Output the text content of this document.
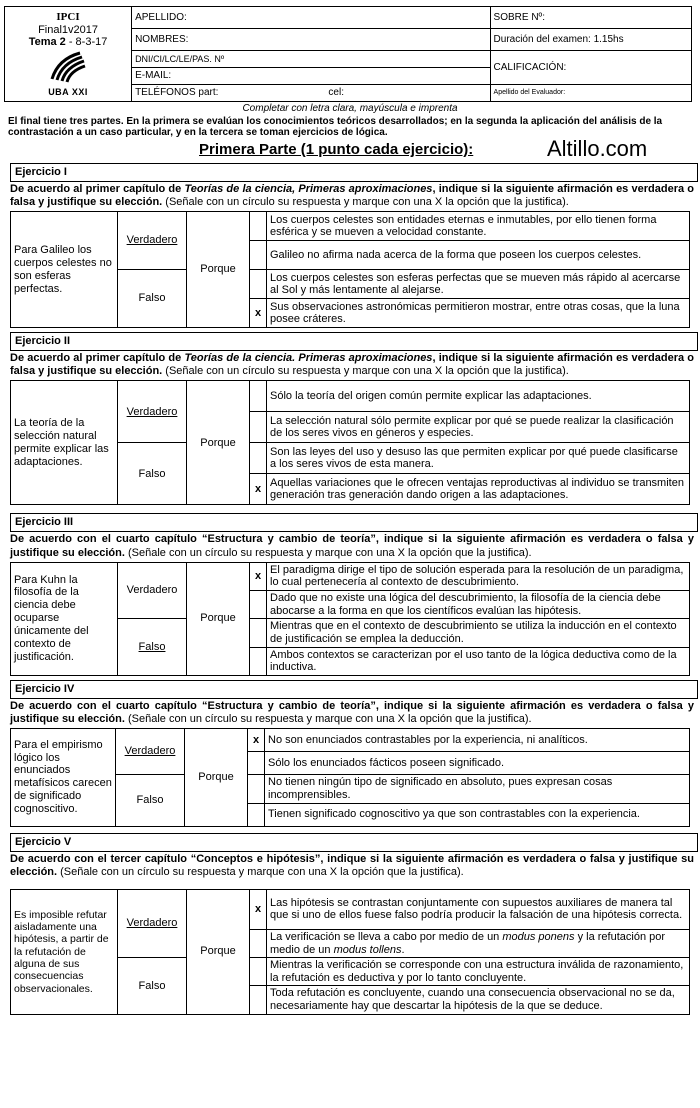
IPCI
Final1v2017
Tema 2 - 8-3-17
UBA XXI	APELLIDO:	SOBRE Nº:
	NOMBRES:	Duración del examen: 1.15hs
	DNI/CI/LC/LE/PAS. Nº	CALIFICACIÓN:
	E-MAIL:	
	TELÉFONOS part: cel:	Apellido del Evaluador:
Completar con letra clara, mayúscula e imprenta
El final tiene tres partes. En la primera se evalúan los conocimientos teóricos desarrollados; en la segunda la aplicación del análisis de la contrastación a un caso particular, y en la tercera se toman ejercicios de lógica.
Primera Parte (1 punto cada ejercicio):	Altillo.com
Ejercicio I
De acuerdo al primer capítulo de Teorías de la ciencia, Primeras aproximaciones, indique si la siguiente afirmación es verdadera o falsa y justifique su elección. (Señale con un círculo su respuesta y marque con una X la opción que la justifica).
Para Galileo los cuerpos celestes no son esferas perfectas.	Verdadero	Porque		Los cuerpos celestes son entidades eternas e inmutables, por ello tienen forma esférica y se mueven a velocidad constante.
				Galileo no afirma nada acerca de la forma que poseen los cuerpos celestes.
	Falso			Los cuerpos celestes son esferas perfectas que se mueven más rápido al acercarse al Sol y más lentamente al alejarse.
			x	Sus observaciones astronómicas permitieron mostrar, entre otras cosas, que la luna posee cráteres.
Ejercicio II
De acuerdo al primer capítulo de Teorías de la ciencia. Primeras aproximaciones, indique si la siguiente afirmación es verdadera o falsa y justifique su elección. (Señale con un círculo su respuesta y marque con una X la opción que la justifica).
La teoría de la selección natural permite explicar las adaptaciones.	Verdadero	Porque		Sólo la teoría del origen común permite explicar las adaptaciones.
				La selección natural sólo permite explicar por qué se puede realizar la clasificación de los seres vivos en géneros y especies.
	Falso			Son las leyes del uso y desuso las que permiten explicar por qué puede clasificarse a los seres vivos de esta manera.
			x	Aquellas variaciones que le ofrecen ventajas reproductivas al individuo se transmiten generación tras generación dando origen a las adaptaciones.
Ejercicio III
De acuerdo con el cuarto capítulo “Estructura y cambio de teoría”, indique si la siguiente afirmación es verdadera o falsa y justifique su elección. (Señale con un círculo su respuesta y marque con una X la opción que la justifica).
Para Kuhn la filosofía de la ciencia debe ocuparse únicamente del contexto de justificación.	Verdadero	Porque	x	El paradigma dirige el tipo de solución esperada para la resolución de un paradigma, lo cual pertenecería al contexto de descubrimiento.
				Dado que no existe una lógica del descubrimiento, la filosofía de la ciencia debe abocarse a la forma en que los científicos evalúan las hipótesis.
	Falso			Mientras que en el contexto de descubrimiento se utiliza la inducción en el contexto de justificación se emplea la deducción.
				Ambos contextos se caracterizan por el uso tanto de la lógica deductiva como de la inductiva.
Ejercicio IV
De acuerdo con el cuarto capítulo “Estructura y cambio de teoría”, indique si la siguiente afirmación es verdadera o falsa y justifique su elección. (Señale con un círculo su respuesta y marque con una X la opción que la justifica).
Para el empirismo lógico los enunciados metafísicos carecen de significado cognoscitivo.	Verdadero	Porque	x	No son enunciados contrastables por la experiencia, ni analíticos.
				Sólo los enunciados fácticos poseen significado.
	Falso			No tienen ningún tipo de significado en absoluto, pues expresan cosas incomprensibles.
				Tienen significado cognoscitivo ya que son contrastables con la experiencia.
Ejercicio V
De acuerdo con el tercer capítulo “Conceptos e hipótesis”, indique si la siguiente afirmación es verdadera o falsa y justifique su elección. (Señale con un círculo su respuesta y marque con una X la opción que la justifica).
Es imposible refutar aisladamente una hipótesis, a partir de la refutación de alguna de sus consecuencias observacionales.	Verdadero	Porque	x	Las hipótesis se contrastan conjuntamente con supuestos auxiliares de manera tal que si uno de ellos fuese falso podría producir la falsación de una hipótesis correcta.
				La verificación se lleva a cabo por medio de un modus ponens y la refutación por medio de un modus tollens.
	Falso			Mientras la verificación se corresponde con una estructura inválida de razonamiento, la refutación es deductiva y por lo tanto concluyente.
				Toda refutación es concluyente, cuando una consecuencia observacional no se da, necesariamente hay que descartar la hipótesis de la que se deduce.
